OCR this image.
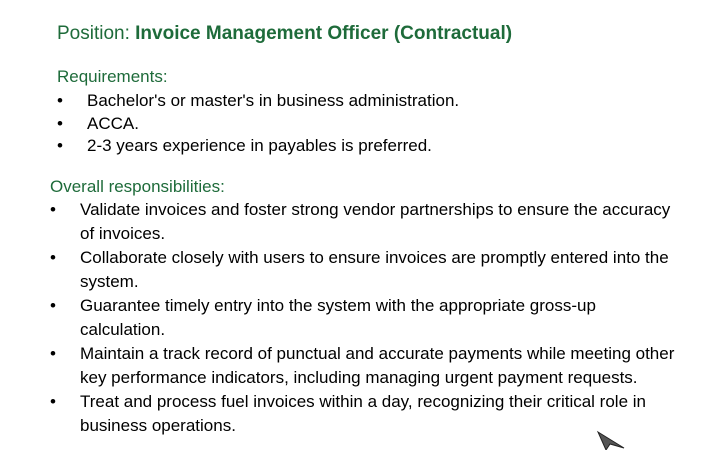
Position: Invoice Management Officer (Contractual)
Requirements:
• Bachelor's or master's in business administration.
• ACCA.
• 2-3 years experience in payables is preferred.
Overall responsibilities:
• Validate invoices and foster strong vendor partnerships to ensure the accuracy of invoices.
• Collaborate closely with users to ensure invoices are promptly entered into the system.
• Guarantee timely entry into the system with the appropriate gross-up calculation.
• Maintain a track record of punctual and accurate payments while meeting other key performance indicators, including managing urgent payment requests.
• Treat and process fuel invoices within a day, recognizing their critical role in business operations.
